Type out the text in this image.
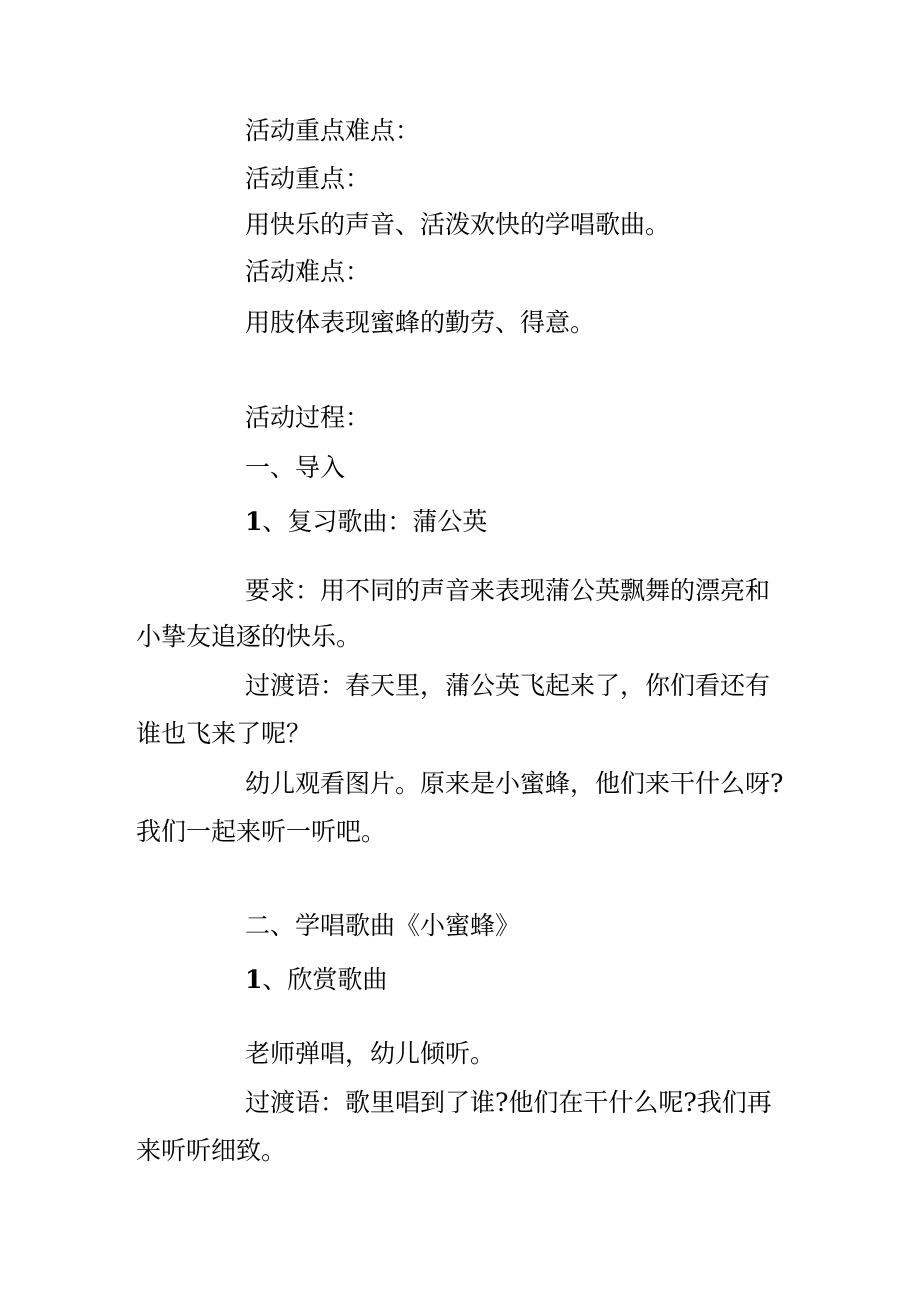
活动重点难点：
活动重点：
用快乐的声音、活泼欢快的学唱歌曲。
活动难点：
用肢体表现蜜蜂的勤劳、得意。
活动过程：
一、导入
1、复习歌曲：蒲公英
要求：用不同的声音来表现蒲公英飘舞的漂亮和
小挚友追逐的快乐。
过渡语：春天里，蒲公英飞起来了，你们看还有
谁也飞来了呢？
幼儿观看图片。原来是小蜜蜂，他们来干什么呀?
我们一起来听一听吧。
二、学唱歌曲《小蜜蜂》
1、欣赏歌曲
老师弹唱，幼儿倾听。
过渡语：歌里唱到了谁?他们在干什么呢?我们再
来听听细致。
